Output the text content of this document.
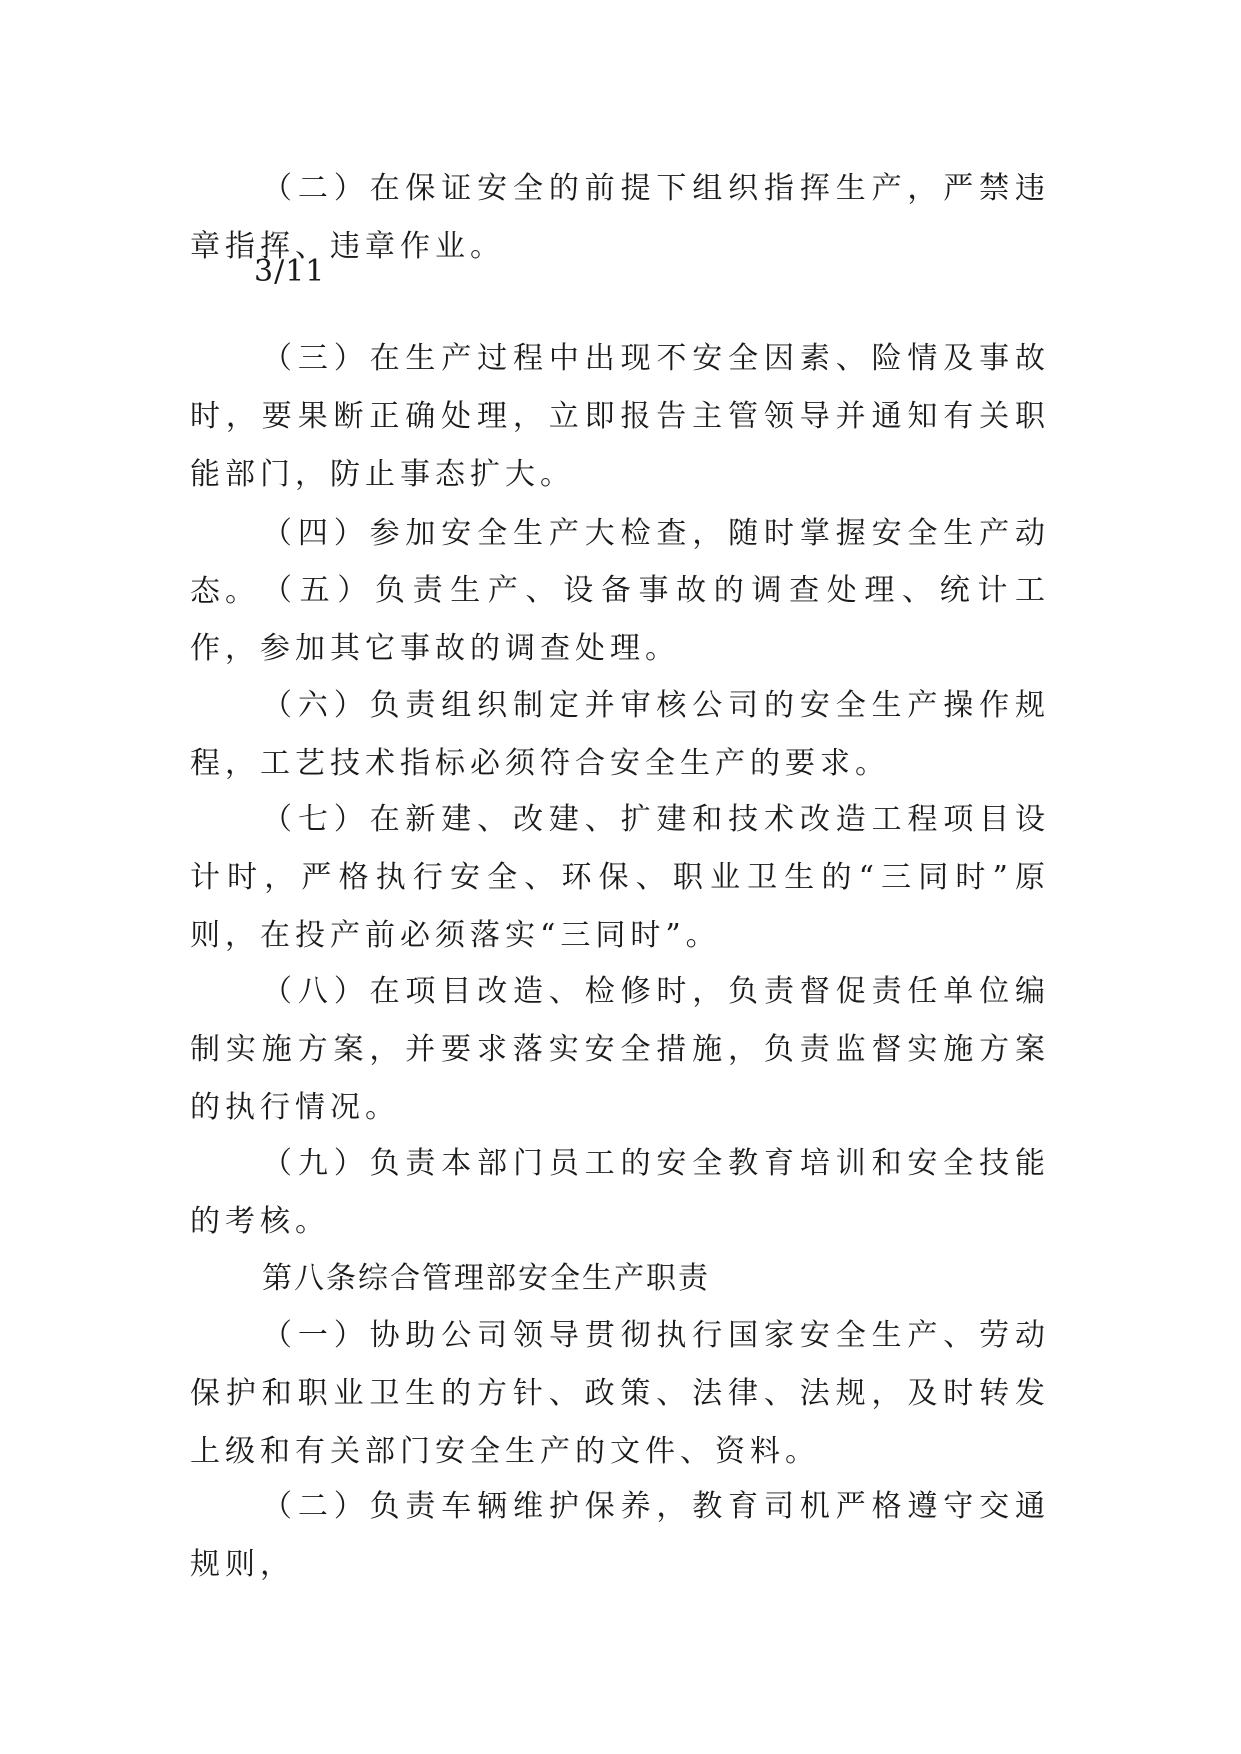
（二）在保证安全的前提下组织指挥生产，严禁违章指挥、违章作业。

3/11

（三）在生产过程中出现不安全因素、险情及事故时，要果断正确处理，立即报告主管领导并通知有关职能部门，防止事态扩大。

（四）参加安全生产大检查，随时掌握安全生产动态。 （五）负责生产、设备事故的调查处理、统计工作，参加其它事故的调查处理。

（六）负责组织制定并审核公司的安全生产操作规程，工艺技术指标必须符合安全生产的要求。

（七）在新建、改建、扩建和技术改造工程项目设计时，严格执行安全、环保、职业卫生的“三同时”原则，在投产前必须落实“三同时”。

（八）在项目改造、检修时，负责督促责任单位编制实施方案，并要求落实安全措施，负责监督实施方案的执行情况。

（九）负责本部门员工的安全教育培训和安全技能的考核。

第八条综合管理部安全生产职责

（一）协助公司领导贯彻执行国家安全生产、劳动保护和职业卫生的方针、政策、法律、法规，及时转发上级和有关部门安全生产的文件、资料。

（二）负责车辆维护保养，教育司机严格遵守交通规则，
